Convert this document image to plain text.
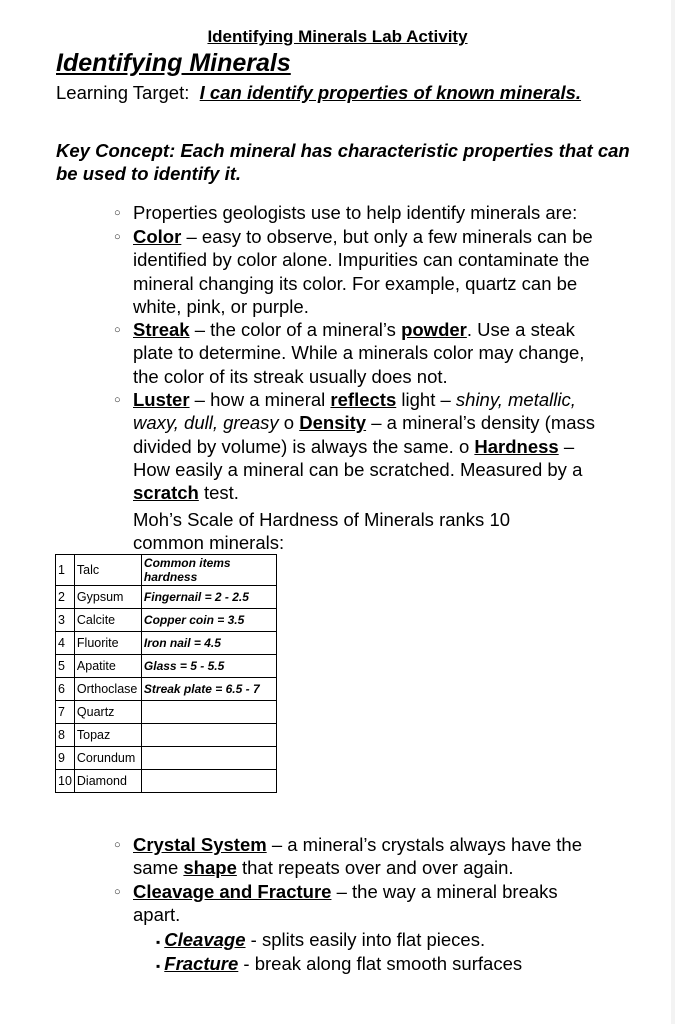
Identifying Minerals Lab Activity
Identifying Minerals
Learning Target: I can identify properties of known minerals.
Key Concept: Each mineral has characteristic properties that can be used to identify it.
○ Properties geologists use to help identify minerals are:
○ Color – easy to observe, but only a few minerals can be identified by color alone. Impurities can contaminate the mineral changing its color. For example, quartz can be white, pink, or purple.
○ Streak – the color of a mineral’s powder. Use a steak plate to determine. While a minerals color may change, the color of its streak usually does not.
○ Luster – how a mineral reflects light – shiny, metallic, waxy, dull, greasy o Density – a mineral’s density (mass divided by volume) is always the same. o Hardness – How easily a mineral can be scratched. Measured by a scratch test.
Moh’s Scale of Hardness of Minerals ranks 10 common minerals:
1	Talc	Common items hardness
2	Gypsum	Fingernail = 2 - 2.5
3	Calcite	Copper coin = 3.5
4	Fluorite	Iron nail = 4.5
5	Apatite	Glass = 5 - 5.5
6	Orthoclase	Streak plate = 6.5 - 7
7	Quartz	
8	Topaz	
9	Corundum	
10	Diamond	
○ Crystal System – a mineral’s crystals always have the same shape that repeats over and over again.
○ Cleavage and Fracture – the way a mineral breaks apart.
▪ Cleavage - splits easily into flat pieces.
▪ Fracture - break along flat smooth surfaces
